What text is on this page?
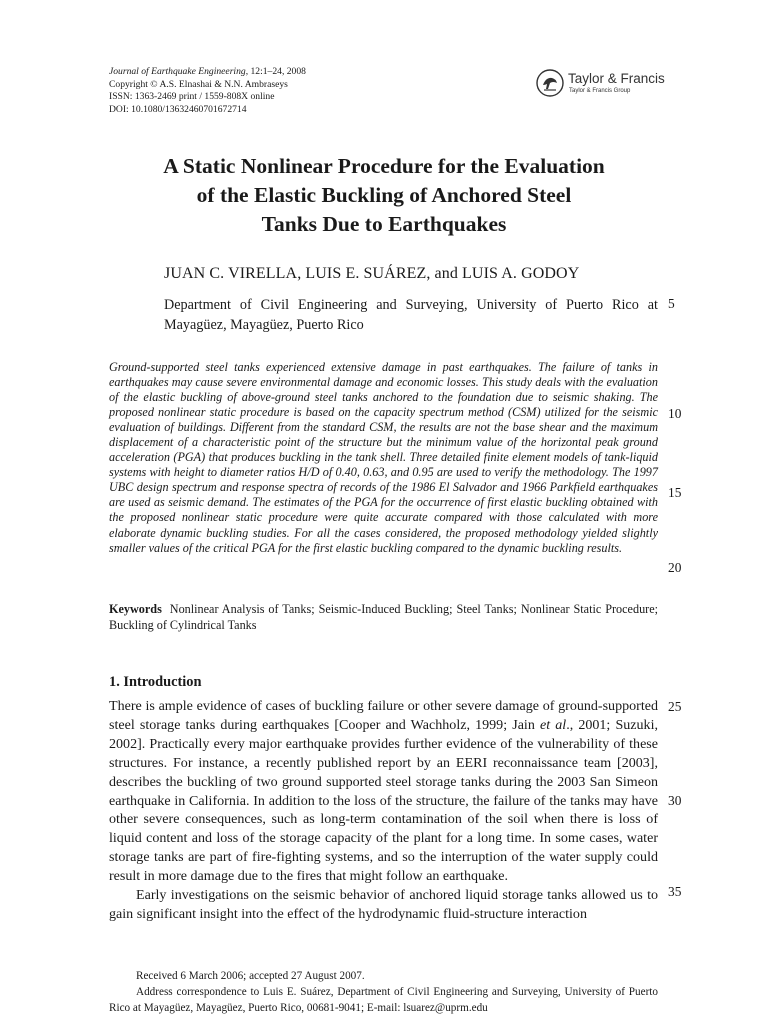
Journal of Earthquake Engineering, 12:1–24, 2008
Copyright © A.S. Elnashai & N.N. Ambraseys
ISSN: 1363-2469 print / 1559-808X online
DOI: 10.1080/13632460701672714
Taylor & Francis
Taylor & Francis Group
A Static Nonlinear Procedure for the Evaluation
of the Elastic Buckling of Anchored Steel
Tanks Due to Earthquakes
JUAN C. VIRELLA, LUIS E. SUÁREZ, and LUIS A. GODOY
Department of Civil Engineering and Surveying, University of Puerto Rico at Mayagüez, Mayagüez, Puerto Rico
Ground-supported steel tanks experienced extensive damage in past earthquakes. The failure of tanks in earthquakes may cause severe environmental damage and economic losses. This study deals with the evaluation of the elastic buckling of above-ground steel tanks anchored to the foundation due to seismic shaking. The proposed nonlinear static procedure is based on the capacity spectrum method (CSM) utilized for the seismic evaluation of buildings. Different from the standard CSM, the results are not the base shear and the maximum displacement of a characteristic point of the structure but the minimum value of the horizontal peak ground acceleration (PGA) that produces buckling in the tank shell. Three detailed finite element models of tank-liquid systems with height to diameter ratios H/D of 0.40, 0.63, and 0.95 are used to verify the methodology. The 1997 UBC design spectrum and response spectra of records of the 1986 El Salvador and 1966 Parkfield earthquakes are used as seismic demand. The estimates of the PGA for the occurrence of first elastic buckling obtained with the proposed nonlinear static procedure were quite accurate compared with those calculated with more elaborate dynamic buckling studies. For all the cases considered, the proposed methodology yielded slightly smaller values of the critical PGA for the first elastic buckling compared to the dynamic buckling results.
Keywords Nonlinear Analysis of Tanks; Seismic-Induced Buckling; Steel Tanks; Nonlinear Static Procedure; Buckling of Cylindrical Tanks
1. Introduction

There is ample evidence of cases of buckling failure or other severe damage of ground-supported steel storage tanks during earthquakes [Cooper and Wachholz, 1999; Jain et al., 2001; Suzuki, 2002]. Practically every major earthquake provides further evidence of the vulnerability of these structures. For instance, a recently published report by an EERI reconnaissance team [2003], describes the buckling of two ground supported steel storage tanks during the 2003 San Simeon earthquake in California. In addition to the loss of the structure, the failure of the tanks may have other severe consequences, such as long-term contamination of the soil when there is loss of liquid content and loss of the storage capacity of the plant for a long time. In some cases, water storage tanks are part of fire-fighting systems, and so the interruption of the water supply could result in more damage due to the fires that might follow an earthquake.

Early investigations on the seismic behavior of anchored liquid storage tanks allowed us to gain significant insight into the effect of the hydrodynamic fluid-structure interaction

5
10
15
20
25
30
35

Received 6 March 2006; accepted 27 August 2007.

Address correspondence to Luis E. Suárez, Department of Civil Engineering and Surveying, University of Puerto Rico at Mayagüez, Mayagüez, Puerto Rico, 00681-9041; E-mail: lsuarez@uprm.edu
